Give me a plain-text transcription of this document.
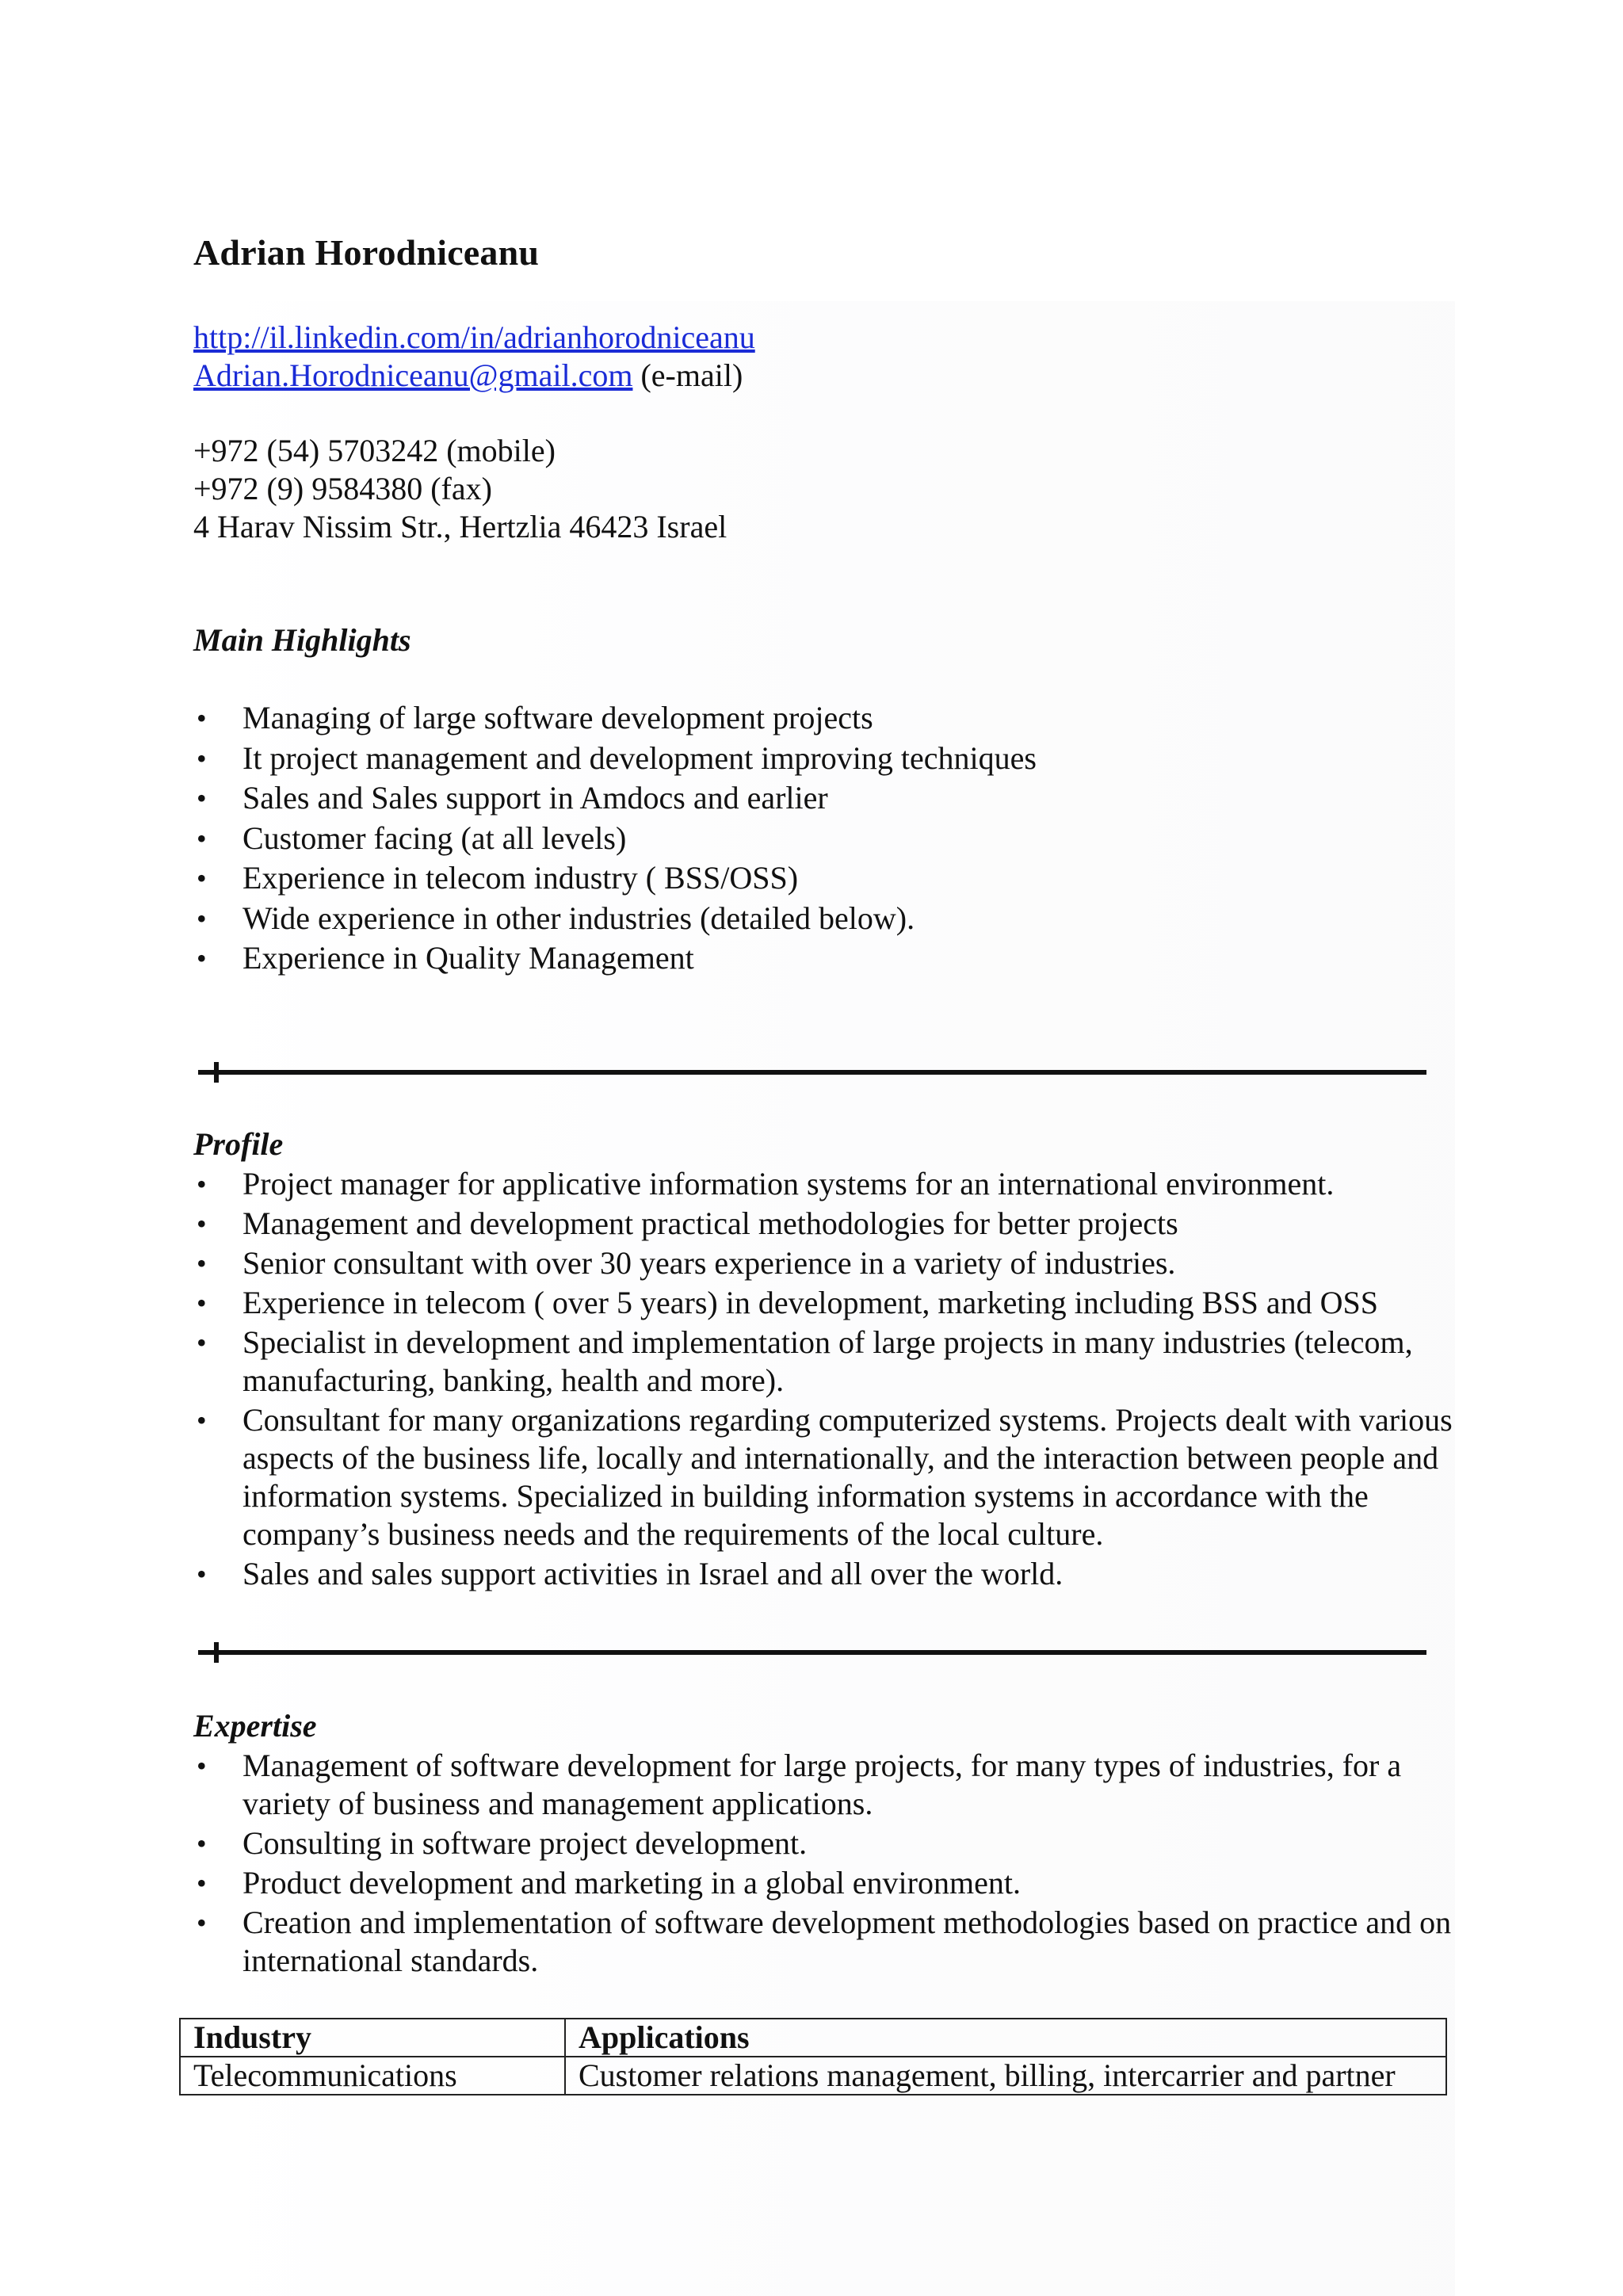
Adrian Horodniceanu
http://il.linkedin.com/in/adrianhorodniceanu
Adrian.Horodniceanu@gmail.com (e-mail)
+972 (54) 5703242 (mobile)
+972 (9) 9584380 (fax)
4 Harav Nissim Str., Hertzlia 46423 Israel
Main Highlights
• Managing of large software development projects
• It project management and development improving techniques
• Sales and Sales support in Amdocs and earlier
• Customer facing (at all levels)
• Experience in telecom industry ( BSS/OSS)
• Wide experience in other industries (detailed below).
• Experience in Quality Management
Profile
• Project manager for applicative information systems for an international environment.
• Management and development practical methodologies for better projects
• Senior consultant with over 30 years experience in a variety of industries.
• Experience in telecom ( over 5 years) in development, marketing including BSS and OSS
• Specialist in development and implementation of large projects in many industries (telecom, manufacturing, banking, health and more).
• Consultant for many organizations regarding computerized systems. Projects dealt with various aspects of the business life, locally and internationally, and the interaction between people and information systems. Specialized in building information systems in accordance with the company’s business needs and the requirements of the local culture.
• Sales and sales support activities in Israel and all over the world.
Expertise
• Management of software development for large projects, for many types of industries, for a variety of business and management applications.
• Consulting in software project development.
• Product development and marketing in a global environment.
• Creation and implementation of software development methodologies based on practice and on international standards.
Industry	Applications
Telecommunications	Customer relations management, billing, intercarrier and partner
